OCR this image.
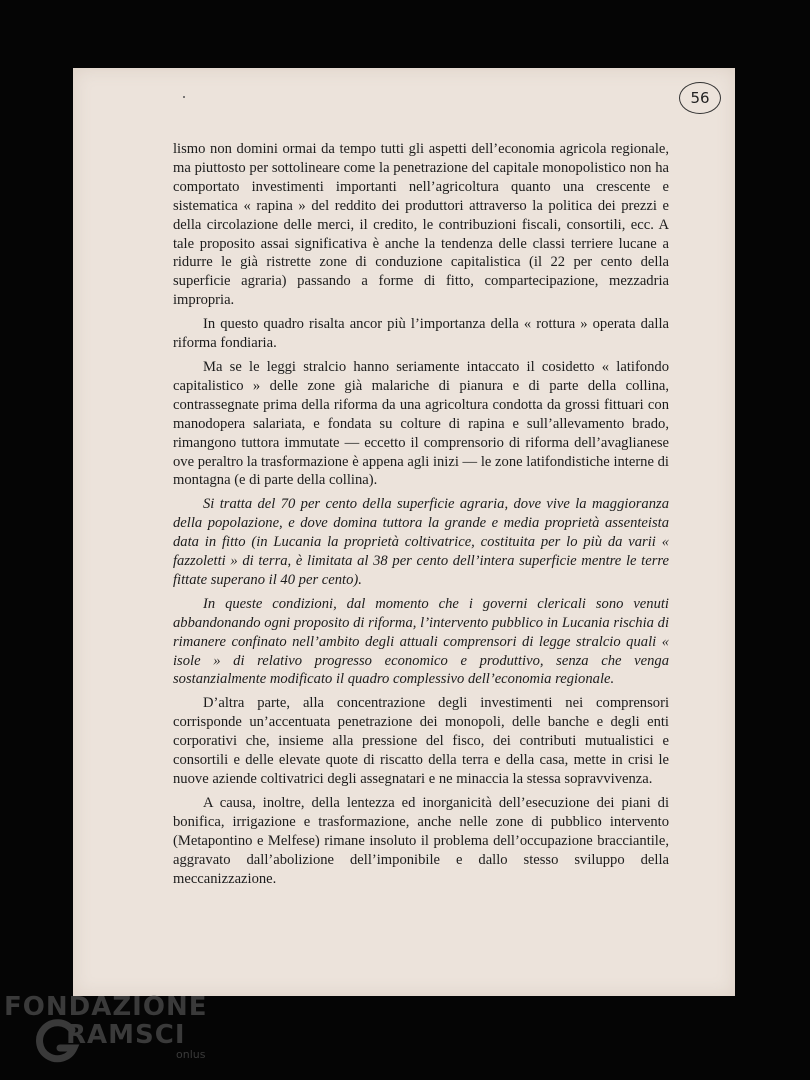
56

lismo non domini ormai da tempo tutti gli aspetti dell’economia agricola regionale, ma piuttosto per sottolineare come la penetrazione del capitale monopolistico non ha comportato investimenti importanti nell’agricoltura quanto una crescente e sistematica « rapina » del reddito dei produttori attraverso la politica dei prezzi e della circolazione delle merci, il credito, le contribuzioni fiscali, consortili, ecc. A tale proposito assai significativa è anche la tendenza delle classi terriere lucane a ridurre le già ristrette zone di conduzione capitalistica (il 22 per cento della superficie agraria) passando a forme di fitto, compartecipazione, mezzadria impropria.

In questo quadro risalta ancor più l’importanza della « rottura » operata dalla riforma fondiaria.

Ma se le leggi stralcio hanno seriamente intaccato il cosidetto « latifondo capitalistico » delle zone già malariche di pianura e di parte della collina, contrassegnate prima della riforma da una agricoltura condotta da grossi fittuari con manodopera salariata, e fondata su colture di rapina e sull’allevamento brado, rimangono tuttora immutate — eccetto il comprensorio di riforma dell’avaglianese ove peraltro la trasformazione è appena agli inizi — le zone latifondistiche interne di montagna (e di parte della collina).

Si tratta del 70 per cento della superficie agraria, dove vive la maggioranza della popolazione, e dove domina tuttora la grande e media proprietà assenteista data in fitto (in Lucania la proprietà coltivatrice, costituita per lo più da varii « fazzoletti » di terra, è limitata al 38 per cento dell’intera superficie mentre le terre fittate superano il 40 per cento).

In queste condizioni, dal momento che i governi clericali sono venuti abbandonando ogni proposito di riforma, l’intervento pubblico in Lucania rischia di rimanere confinato nell’ambito degli attuali comprensori di legge stralcio quali « isole » di relativo progresso economico e produttivo, senza che venga sostanzialmente modificato il quadro complessivo dell’economia regionale.

D’altra parte, alla concentrazione degli investimenti nei comprensori corrisponde un’accentuata penetrazione dei monopoli, delle banche e degli enti corporativi che, insieme alla pressione del fisco, dei contributi mutualistici e consortili e delle elevate quote di riscatto della terra e della casa, mette in crisi le nuove aziende coltivatrici degli assegnatari e ne minaccia la stessa sopravvivenza.

A causa, inoltre, della lentezza ed inorganicità dell’esecuzione dei piani di bonifica, irrigazione e trasformazione, anche nelle zone di pubblico intervento (Metapontino e Melfese) rimane insoluto il problema dell’occupazione bracciantile, aggravato dall’abolizione dell’imponibile e dallo stesso sviluppo della meccanizzazione.

FONDAZIONE
RAMSCI
onlus
